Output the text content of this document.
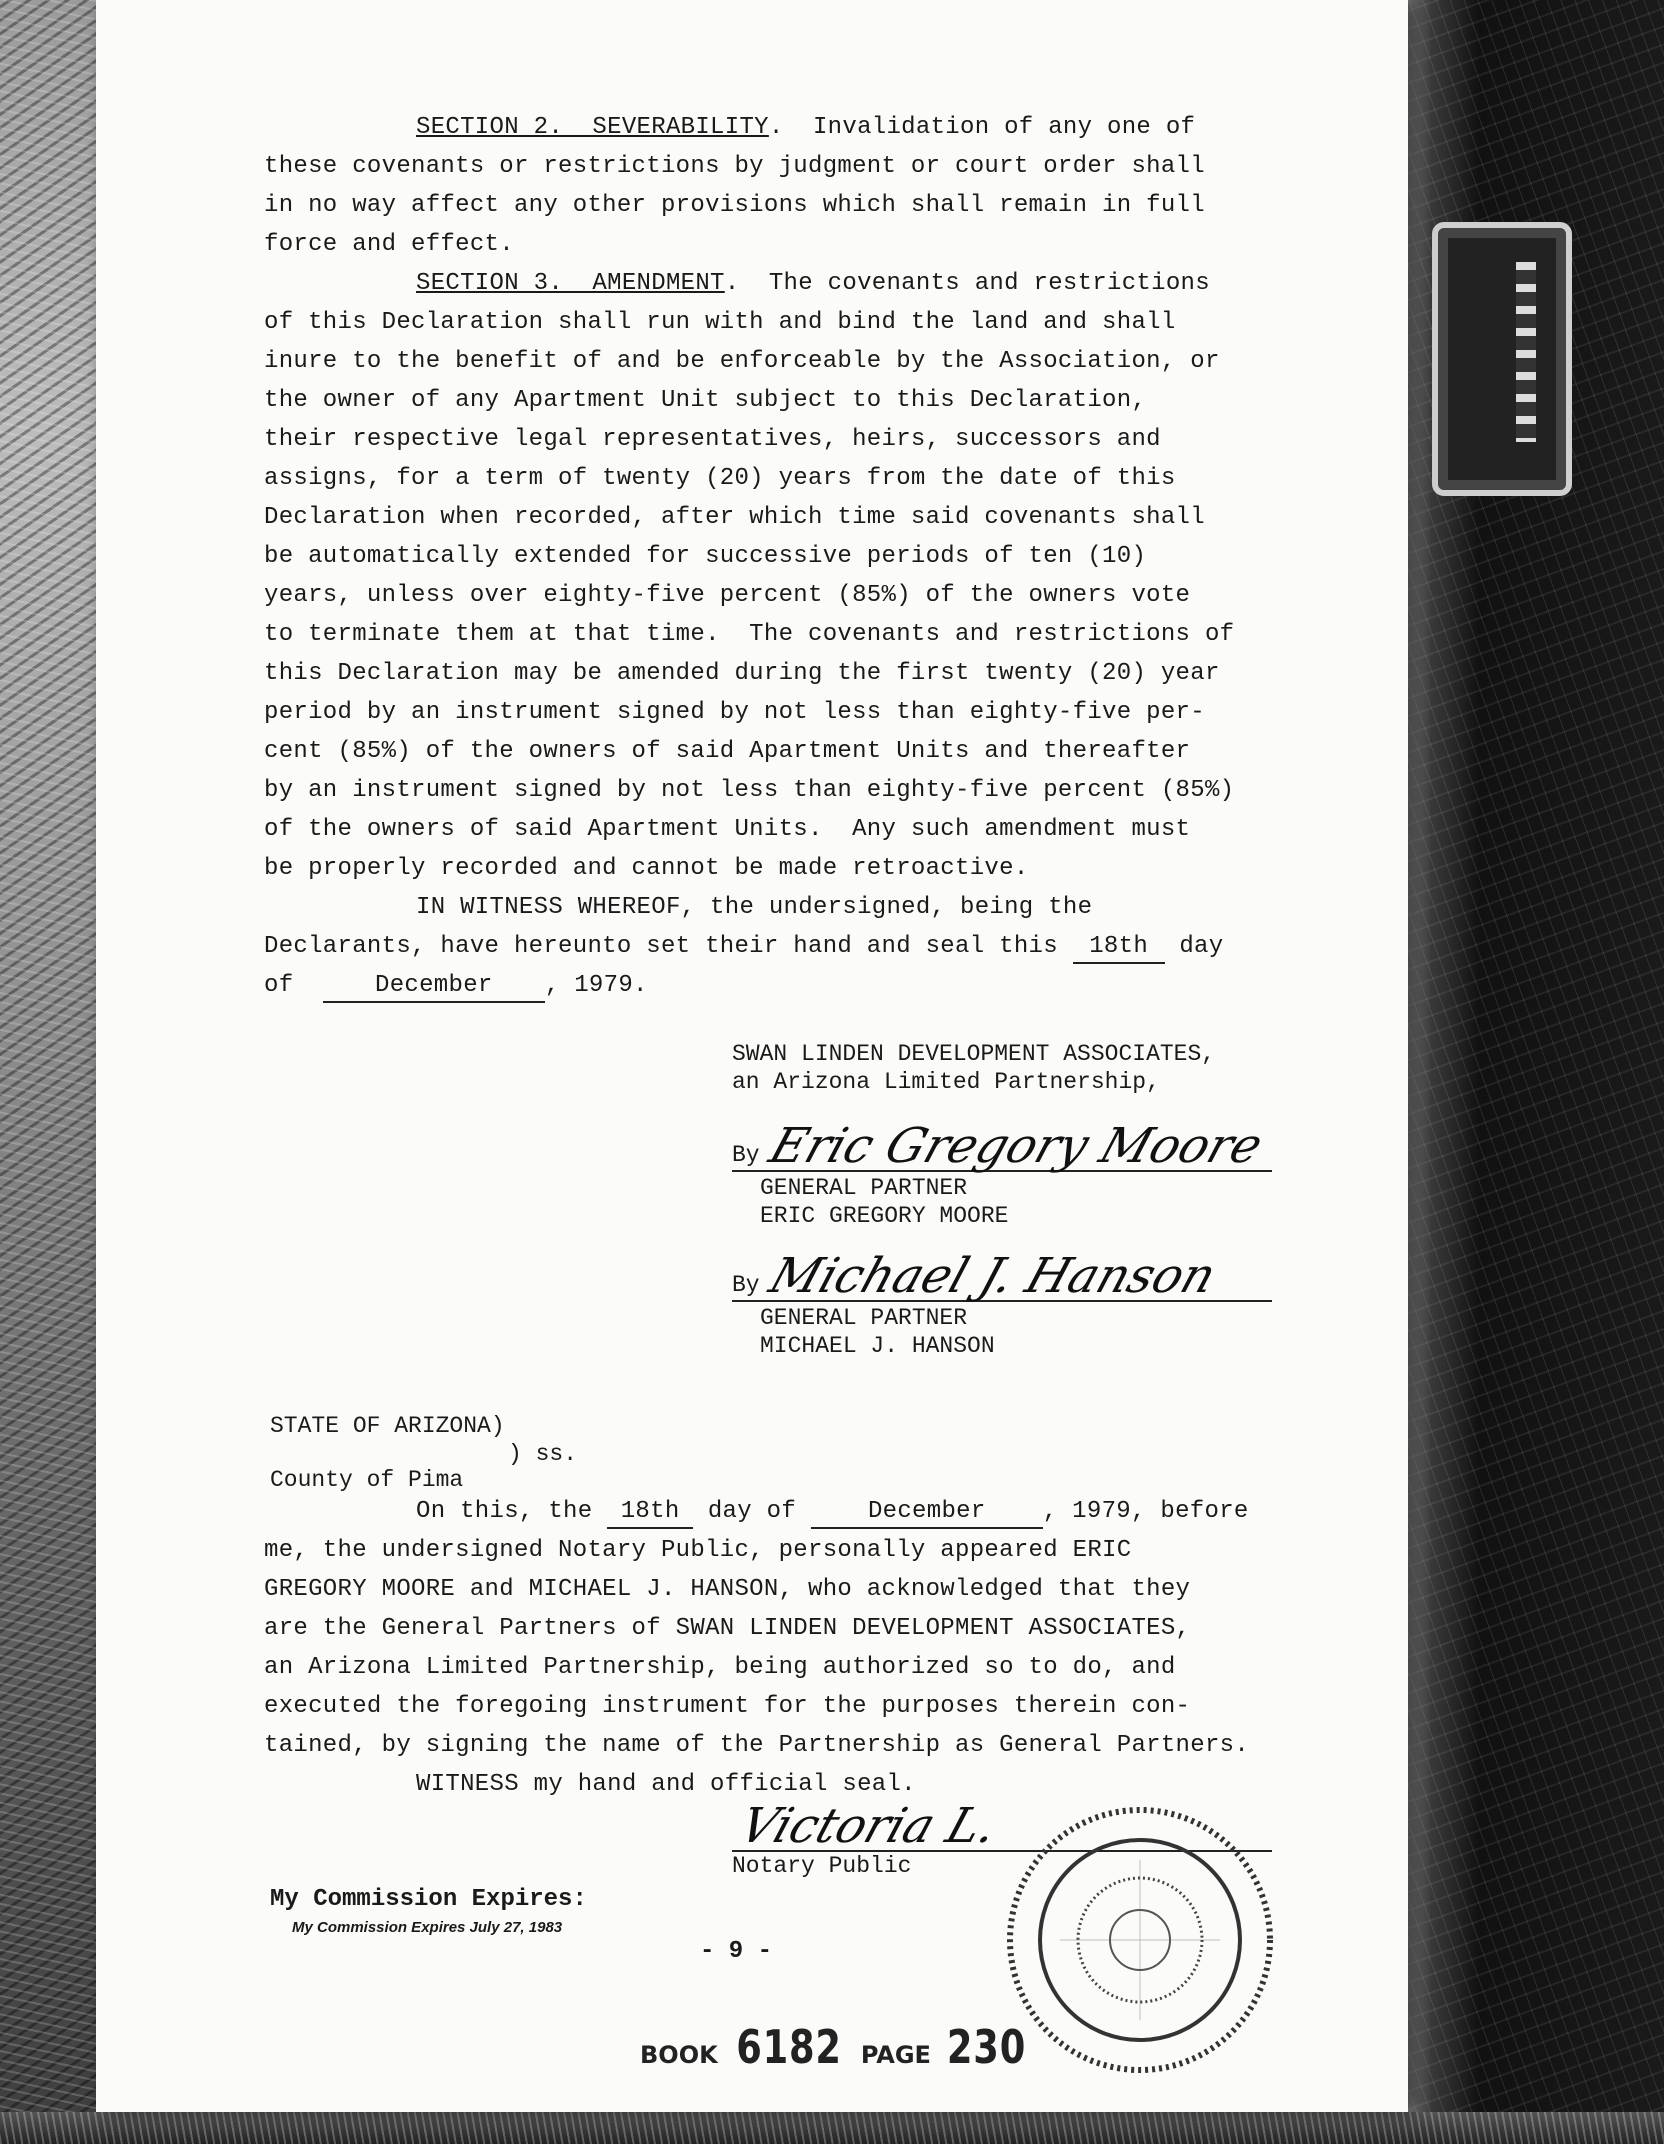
SECTION 2.  SEVERABILITY.  Invalidation of any one of
these covenants or restrictions by judgment or court order shall
in no way affect any other provisions which shall remain in full
force and effect.
SECTION 3.  AMENDMENT.  The covenants and restrictions
of this Declaration shall run with and bind the land and shall
inure to the benefit of and be enforceable by the Association, or
the owner of any Apartment Unit subject to this Declaration,
their respective legal representatives, heirs, successors and
assigns, for a term of twenty (20) years from the date of this
Declaration when recorded, after which time said covenants shall
be automatically extended for successive periods of ten (10)
years, unless over eighty-five percent (85%) of the owners vote
to terminate them at that time.  The covenants and restrictions of
this Declaration may be amended during the first twenty (20) year
period by an instrument signed by not less than eighty-five per-
cent (85%) of the owners of said Apartment Units and thereafter
by an instrument signed by not less than eighty-five percent (85%)
of the owners of said Apartment Units.  Any such amendment must
be properly recorded and cannot be made retroactive.
IN WITNESS WHEREOF, the undersigned, being the
Declarants, have hereunto set their hand and seal this 18th day
of	December , 1979.
SWAN LINDEN DEVELOPMENT ASSOCIATES,
an Arizona Limited Partnership,
By Eric Gregory Moore
GENERAL PARTNER
ERIC GREGORY MOORE
By Michael J. Hanson
GENERAL PARTNER
MICHAEL J. HANSON
STATE OF ARIZONA)
) ss.
County of Pima
On this, the 18th day of	December , 1979, before
me, the undersigned Notary Public, personally appeared ERIC
GREGORY MOORE and MICHAEL J. HANSON, who acknowledged that they
are the General Partners of SWAN LINDEN DEVELOPMENT ASSOCIATES,
an Arizona Limited Partnership, being authorized so to do, and
executed the foregoing instrument for the purposes therein con-
tained, by signing the name of the Partnership as General Partners.
WITNESS my hand and official seal.
Victoria L.
Notary Public
My Commission Expires:
My Commission Expires July 27, 1983
- 9 -
BOOK 6182 PAGE 230
